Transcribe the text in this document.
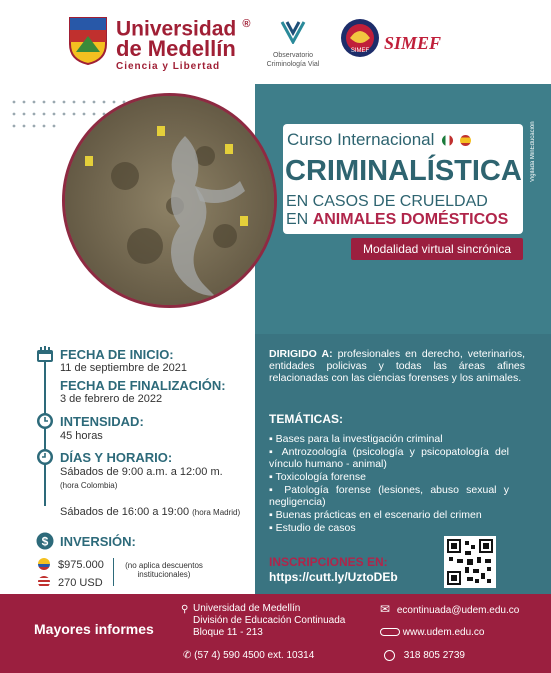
Universidad ®
de Medellín
Ciencia y Libertad
Observatorio
Criminología Vial
SIMEF SIMEF
Curso Internacional
CRIMINALÍSTICA
EN CASOS DE CRUELDAD
EN ANIMALES DOMÉSTICOS
Modalidad virtual sincrónica
Vigilada MinEducación
FECHA DE INICIO:
11 de septiembre de 2021
FECHA DE FINALIZACIÓN:
3 de febrero de 2022
INTENSIDAD:
45 horas
DÍAS Y HORARIO:
Sábados de 9:00 a.m. a 12:00 m.
(hora Colombia)
Sábados de 16:00 a 19:00 (hora Madrid)
$ INVERSIÓN:
$975.000
270 USD
(no aplica descuentos
institucionales)
DIRIGIDO A: profesionales en derecho, veterinarios, entidades policivas y todas las áreas afines relacionadas con las ciencias forenses y los animales.
TEMÁTICAS:
▪ Bases para la investigación criminal
▪ Antrozoología (psicología y psicopatología del vínculo humano - animal)
▪ Toxicología forense
▪ Patología forense (lesiones, abuso sexual y negligencia)
▪ Buenas prácticas en el escenario del crimen
▪ Estudio de casos
INSCRIPCIONES EN:
https://cutt.ly/UztoDEb
Mayores informes
⚲ Universidad de Medellín
División de Educación Continuada
Bloque 11 - 213
✆ (57 4) 590 4500 ext. 10314
✉ econtinuada@udem.edu.co
www.udem.edu.co
318 805 2739
